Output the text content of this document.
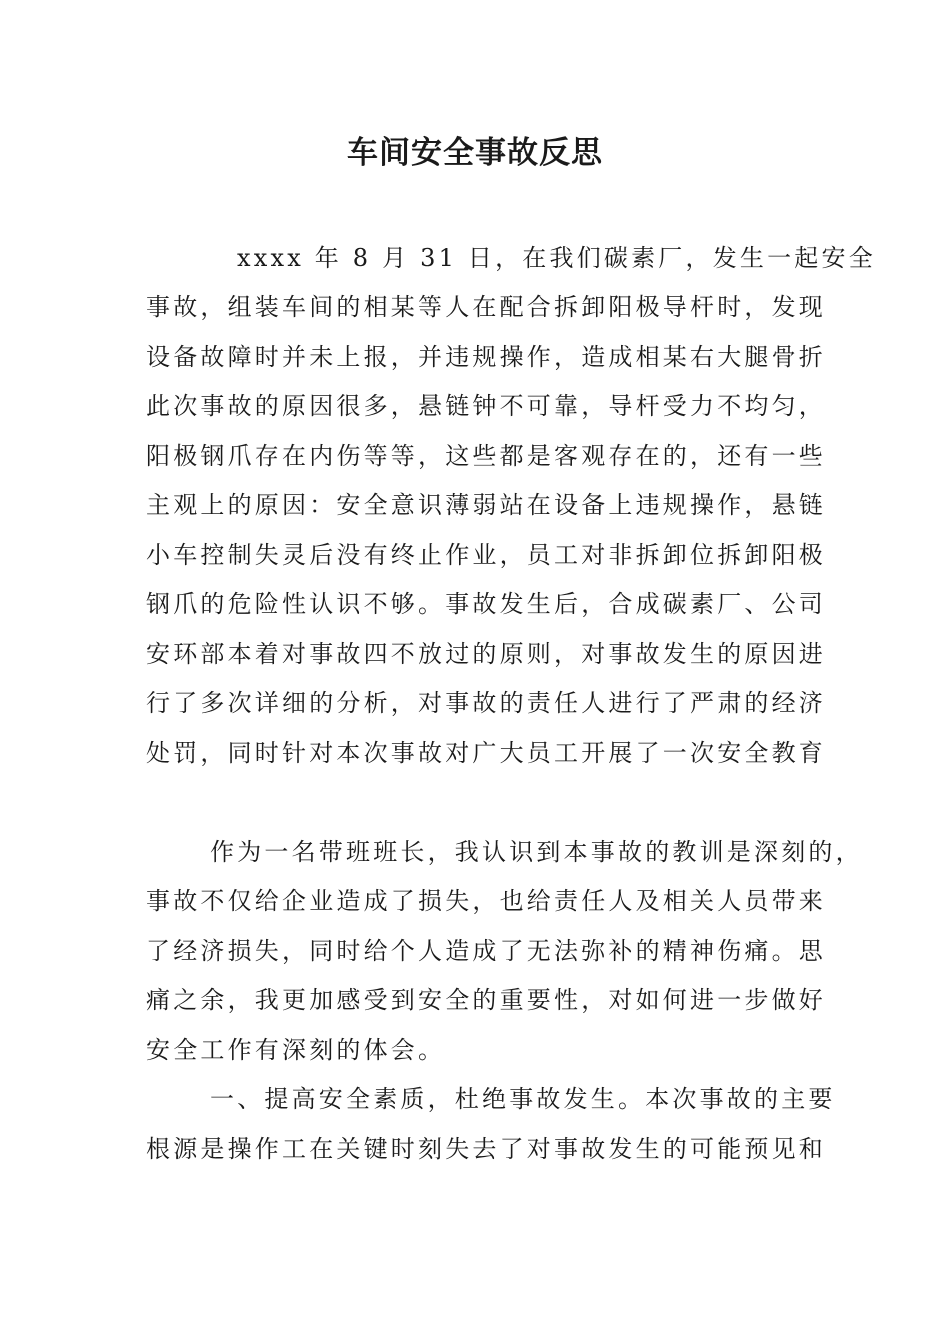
车间安全事故反思

xxxx 年 8 月 31 日，在我们碳素厂，发生一起安全

事故，组装车间的相某等人在配合拆卸阳极导杆时，发现

设备故障时并未上报，并违规操作，造成相某右大腿骨折

此次事故的原因很多，悬链钟不可靠，导杆受力不均匀，

阳极钢爪存在内伤等等，这些都是客观存在的，还有一些

主观上的原因：安全意识薄弱站在设备上违规操作，悬链

小车控制失灵后没有终止作业，员工对非拆卸位拆卸阳极

钢爪的危险性认识不够。事故发生后，合成碳素厂、公司

安环部本着对事故四不放过的原则，对事故发生的原因进

行了多次详细的分析，对事故的责任人进行了严肃的经济

处罚，同时针对本次事故对广大员工开展了一次安全教育

作为一名带班班长，我认识到本事故的教训是深刻的，

事故不仅给企业造成了损失，也给责任人及相关人员带来

了经济损失，同时给个人造成了无法弥补的精神伤痛。思

痛之余，我更加感受到安全的重要性，对如何进一步做好

安全工作有深刻的体会。

一、提高安全素质，杜绝事故发生。本次事故的主要

根源是操作工在关键时刻失去了对事故发生的可能预见和
